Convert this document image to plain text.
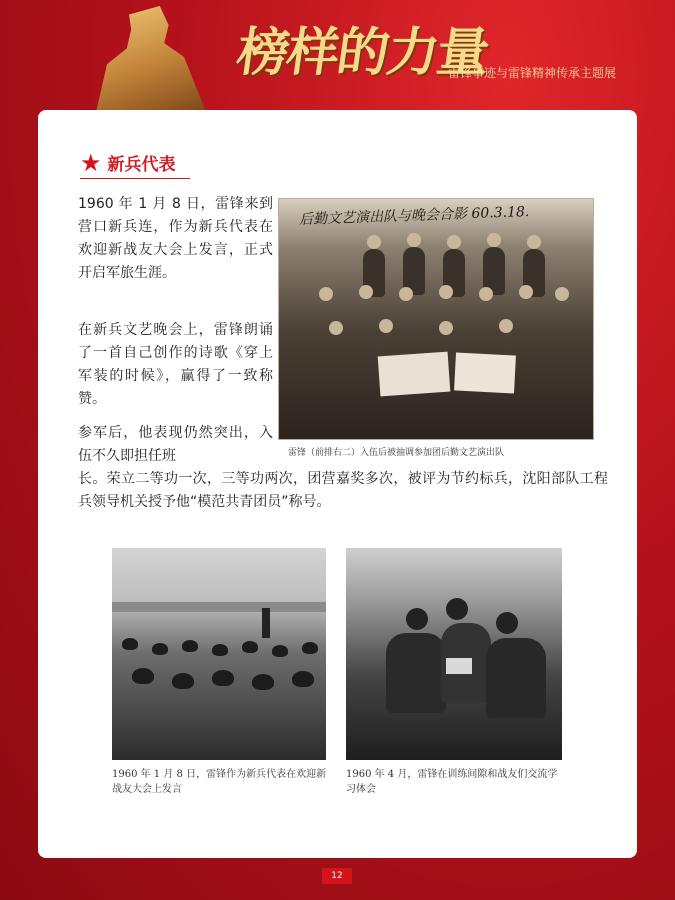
榜样的力量
雷锋事迹与雷锋精神传承主题展
★ 新兵代表

1960 年 1 月 8 日，雷锋来到营口新兵连，作为新兵代表在欢迎新战友大会上发言，正式开启军旅生涯。

在新兵文艺晚会上，雷锋朗诵了一首自己创作的诗歌《穿上军装的时候》，赢得了一致称赞。

参军后，他表现仍然突出，入伍不久即担任班

长。荣立二等功一次，三等功两次，团营嘉奖多次，被评为节约标兵，沈阳部队工程兵领导机关授予他“模范共青团员”称号。

后勤文艺演出队与晚会合影 60.3.18.
雷锋（前排右二）入伍后被抽调参加团后勤文艺演出队
1960 年 1 月 8 日，雷锋作为新兵代表在欢迎新战友大会上发言
1960 年 4 月，雷锋在训练间隙和战友们交流学习体会
12
